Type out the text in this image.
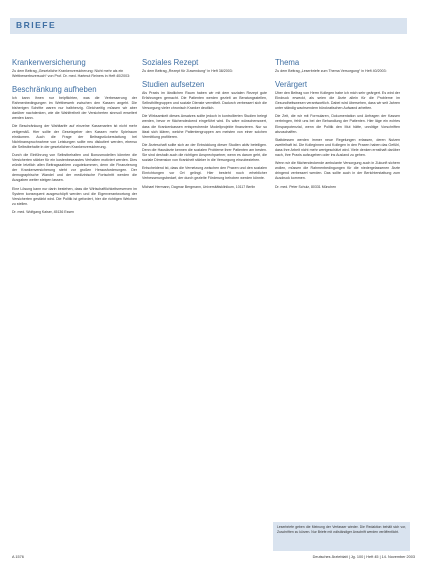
BRIEFE
Krankenversicherung
Zu dem Beitrag „Gesetzliche Krankenversicherung: Nicht mehr als ein Wettbewerbsversuch“ von Prof. Dr. med. Hartmut Reiners in Heft 40/2003:
Beschränkung aufheben

Ich kann Ihnen nur beipflichten, was die Verbesserung der Rahmenbedingungen im Wettbewerb zwischen den Kassen angeht. Die bisherigen Schritte waren nur halbherzig. Gleichzeitig müssen wir aber darüber nachdenken, wie die Wahlfreiheit der Versicherten sinnvoll erweitert werden kann.

Die Beschränkung der Wahltarife auf einzelne Kassenarten ist nicht mehr zeitgemäß. Hier sollte der Gesetzgeber den Kassen mehr Spielraum einräumen. Auch die Frage der Beitragsrückerstattung bei Nichtinanspruchnahme von Leistungen sollte neu diskutiert werden, ebenso die Selbstbehalte in der gesetzlichen Krankenversicherung.

Durch die Einführung von Selbstbehalten und Bonusmodellen könnten die Versicherten stärker für ein kostenbewusstes Verhalten motiviert werden. Dies würde letztlich allen Beitragszahlern zugutekommen, denn die Finanzierung der Krankenversicherung steht vor großen Herausforderungen. Der demographische Wandel und der medizinische Fortschritt werden die Ausgaben weiter steigen lassen.

Eine Lösung kann nur darin bestehen, dass die Wirtschaftlichkeitsreserven im System konsequent ausgeschöpft werden und die Eigenverantwortung der Versicherten gestärkt wird. Die Politik ist gefordert, hier die richtigen Weichen zu stellen.

Dr. med. Wolfgang Kaiser, 45136 Essen
Soziales Rezept
Zu dem Beitrag „Rezept für Zuwendung“ in Heft 38/2003:
Studien aufsetzen

Als Praxis im ländlichen Raum haben wir mit dem sozialen Rezept gute Erfahrungen gemacht. Die Patienten werden gezielt an Beratungsstellen, Selbsthilfegruppen und soziale Dienste vermittelt. Dadurch verbessert sich die Versorgung vieler chronisch Kranker deutlich.

Die Wirksamkeit dieses Ansatzes sollte jedoch in kontrollierten Studien belegt werden, bevor er flächendeckend eingeführt wird. Es wäre wünschenswert, dass die Krankenkassen entsprechende Modellprojekte finanzieren. Nur so lässt sich klären, welche Patientengruppen am meisten von einer solchen Vermittlung profitieren.

Die Ärzteschaft sollte sich an der Entwicklung dieser Studien aktiv beteiligen. Denn die Hausärzte kennen die sozialen Probleme ihrer Patienten am besten. Sie sind deshalb auch die richtigen Ansprechpartner, wenn es darum geht, die soziale Dimension von Krankheit stärker in die Versorgung einzubeziehen.

Entscheidend ist, dass die Vernetzung zwischen den Praxen und den sozialen Einrichtungen vor Ort gelingt. Hier besteht noch erheblicher Verbesserungsbedarf, der durch gezielte Förderung behoben werden könnte.

Michael Hermann, Dagmar Bergmann, Universitätsklinikum, 10117 Berlin
Thema
Zu dem Beitrag „Leserbriefe zum Thema Versorgung“ in Heft 40/2003:
Verärgert

Über den Beitrag von Herrn Kollegen habe ich mich sehr geärgert. Es wird der Eindruck erweckt, als seien die Ärzte allein für die Probleme im Gesundheitswesen verantwortlich. Dabei wird übersehen, dass wir seit Jahren unter ständig wachsendem bürokratischen Aufwand arbeiten.

Die Zeit, die wir mit Formularen, Dokumentation und Anfragen der Kassen verbringen, fehlt uns bei der Behandlung der Patienten. Hier läge ein echtes Einsparpotenzial, wenn die Politik den Mut hätte, unnötige Vorschriften abzuschaffen.

Stattdessen werden immer neue Regelungen erlassen, deren Nutzen zweifelhaft ist. Die Kolleginnen und Kollegen in den Praxen haben das Gefühl, dass ihre Arbeit nicht mehr wertgeschätzt wird. Viele denken ernsthaft darüber nach, ihre Praxis aufzugeben oder ins Ausland zu gehen.

Wenn wir die flächendeckende ambulante Versorgung auch in Zukunft sichern wollen, müssen die Rahmenbedingungen für die niedergelassenen Ärzte dringend verbessert werden. Das sollte auch in der Berichterstattung zum Ausdruck kommen.

Dr. med. Peter Schulz, 80331 München

Leserbriefe geben die Meinung der Verfasser wieder. Die Redaktion behält sich vor, Zuschriften zu kürzen. Nur Briefe mit vollständiger Anschrift werden veröffentlicht.

A 1576	Deutsches Ärzteblatt | Jg. 100 | Heft 45 | 14. November 2003
